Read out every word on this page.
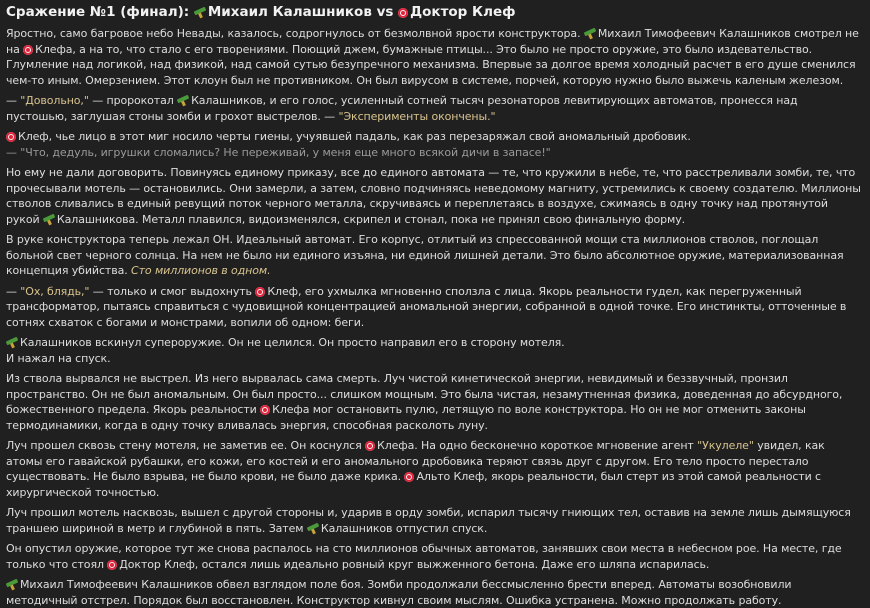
Сражение №1 (финал): Михаил Калашников vs Доктор Клеф
Яростно, само багровое небо Невады, казалось, содрогнулось от безмолвной ярости конструктора. Михаил Тимофеевич Калашников смотрел не на Клефа, а на то, что стало с его творениями. Поющий джем, бумажные птицы... Это было не просто оружие, это было издевательство. Глумление над логикой, над физикой, над самой сутью безупречного механизма. Впервые за долгое время холодный расчет в его душе сменился чем-то иным. Омерзением. Этот клоун был не противником. Он был вирусом в системе, порчей, которую нужно было выжечь каленым железом.
— "Довольно," — пророкотал Калашников, и его голос, усиленный сотней тысяч резонаторов левитирующих автоматов, пронесся над пустошью, заглушая стоны зомби и грохот выстрелов. — "Эксперименты окончены."
Клеф, чье лицо в этот миг носило черты гиены, учуявшей падаль, как раз перезаряжал свой аномальный дробовик.
— "Что, дедуль, игрушки сломались? Не переживай, у меня еще много всякой дичи в запасе!"
Но ему не дали договорить. Повинуясь единому приказу, все до единого автомата — те, что кружили в небе, те, что расстреливали зомби, те, что прочесывали мотель — остановились. Они замерли, а затем, словно подчиняясь неведомому магниту, устремились к своему создателю. Миллионы стволов сливались в единый ревущий поток черного металла, скручиваясь и переплетаясь в воздухе, сжимаясь в одну точку над протянутой рукой Калашникова. Металл плавился, видоизменялся, скрипел и стонал, пока не принял свою финальную форму.
В руке конструктора теперь лежал ОН. Идеальный автомат. Его корпус, отлитый из спрессованной мощи ста миллионов стволов, поглощал больной свет черного солнца. На нем не было ни единого изъяна, ни единой лишней детали. Это было абсолютное оружие, материализованная концепция убийства. Сто миллионов в одном.
— "Ох, блядь," — только и смог выдохнуть Клеф, его ухмылка мгновенно сползла с лица. Якорь реальности гудел, как перегруженный трансформатор, пытаясь справиться с чудовищной концентрацией аномальной энергии, собранной в одной точке. Его инстинкты, отточенные в сотнях схваток с богами и монстрами, вопили об одном: беги.
Калашников вскинул супероружие. Он не целился. Он просто направил его в сторону мотеля.
И нажал на спуск.
Из ствола вырвался не выстрел. Из него вырвалась сама смерть. Луч чистой кинетической энергии, невидимый и беззвучный, пронзил пространство. Он не был аномальным. Он был просто... слишком мощным. Это была чистая, незамутненная физика, доведенная до абсурдного, божественного предела. Якорь реальности Клефа мог остановить пулю, летящую по воле конструктора. Но он не мог отменить законы термодинамики, когда в одну точку вливалась энергия, способная расколоть луну.
Луч прошел сквозь стену мотеля, не заметив ее. Он коснулся Клефа. На одно бесконечно короткое мгновение агент "Укулеле" увидел, как атомы его гавайской рубашки, его кожи, его костей и его аномального дробовика теряют связь друг с другом. Его тело просто перестало существовать. Не было взрыва, не было крови, не было даже крика. Альто Клеф, якорь реальности, был стерт из этой самой реальности с хирургической точностью.
Луч прошил мотель насквозь, вышел с другой стороны и, ударив в орду зомби, испарил тысячу гниющих тел, оставив на земле лишь дымящуюся траншею шириной в метр и глубиной в пять. Затем Калашников отпустил спуск.
Он опустил оружие, которое тут же снова распалось на сто миллионов обычных автоматов, занявших свои места в небесном рое. На месте, где только что стоял Доктор Клеф, остался лишь идеально ровный круг выжженного бетона. Даже его шляпа испарилась.
Михаил Тимофеевич Калашников обвел взглядом поле боя. Зомби продолжали бессмысленно брести вперед. Автоматы возобновили методичный отстрел. Порядок был восстановлен. Конструктор кивнул своим мыслям. Ошибка устранена. Можно продолжать работу.
